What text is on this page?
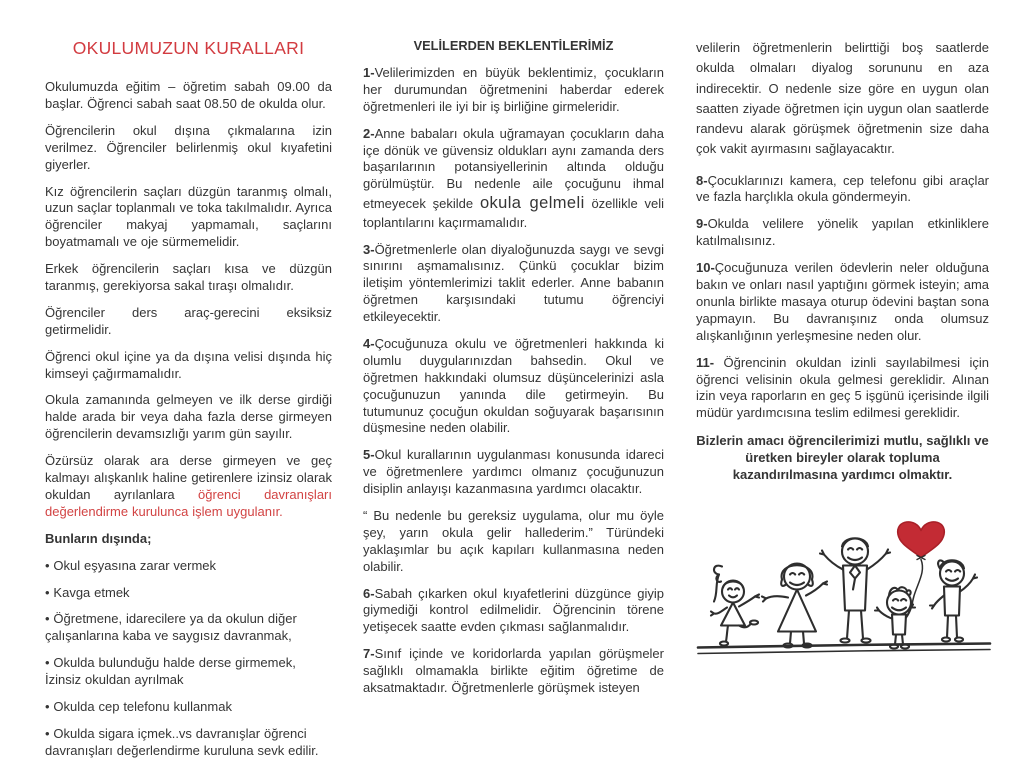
OKULUMUZUN KURALLARI

Okulumuzda eğitim – öğretim sabah 09.00 da başlar. Öğrenci sabah saat 08.50 de okulda olur.

Öğrencilerin okul dışına çıkmalarına izin verilmez. Öğrenciler belirlenmiş okul kıyafetini giyerler.

Kız öğrencilerin saçları düzgün taranmış olmalı, uzun saçlar toplanmalı ve toka takılmalıdır. Ayrıca öğrenciler makyaj yapmamalı, saçlarını boyatmamalı ve oje sürmemelidir.

Erkek öğrencilerin saçları kısa ve düzgün taranmış, gerekiyorsa sakal tıraşı olmalıdır.

Öğrenciler ders araç-gerecini eksiksiz getirmelidir.

Öğrenci okul içine ya da dışına velisi dışında hiç kimseyi çağırmamalıdır.

Okula zamanında gelmeyen ve ilk derse girdiği halde arada bir veya daha fazla derse girmeyen öğrencilerin devamsızlığı yarım gün sayılır.

Özürsüz olarak ara derse girmeyen ve geç kalmayı alışkanlık haline getirenlere izinsiz olarak okuldan ayrılanlara öğrenci davranışları değerlendirme kurulunca işlem uygulanır.

Bunların dışında;

• Okul eşyasına zarar vermek

• Kavga etmek

• Öğretmene, idarecilere ya da okulun diğer çalışanlarına kaba ve saygısız davranmak,

• Okulda bulunduğu halde derse girmemek, İzinsiz okuldan ayrılmak

• Okulda cep telefonu kullanmak

• Okulda sigara içmek..vs davranışlar öğrenci davranışları değerlendirme kuruluna sevk edilir.

VELİLERDEN BEKLENTİLERİMİZ

1-Velilerimizden en büyük beklentimiz, çocukların her durumundan öğretmenini haberdar ederek öğretmenleri ile iyi bir iş birliğine girmeleridir.

2-Anne babaları okula uğramayan çocukların daha içe dönük ve güvensiz oldukları aynı zamanda ders başarılarının potansiyellerinin altında olduğu görülmüştür. Bu nedenle aile çocuğunu ihmal etmeyecek şekilde okula gelmeli özellikle veli toplantılarını kaçırmamalıdır.

3-Öğretmenlerle olan diyaloğunuzda saygı ve sevgi sınırını aşmamalısınız. Çünkü çocuklar bizim iletişim yöntemlerimizi taklit ederler. Anne babanın öğretmen karşısındaki tutumu öğrenciyi etkileyecektir.

4-Çocuğunuza okulu ve öğretmenleri hakkında ki olumlu duygularınızdan bahsedin. Okul ve öğretmen hakkındaki olumsuz düşüncelerinizi asla çocuğunuzun yanında dile getirmeyin. Bu tutumunuz çocuğun okuldan soğuyarak başarısının düşmesine neden olabilir.

5-Okul kurallarının uygulanması konusunda idareci ve öğretmenlere yardımcı olmanız çocuğunuzun disiplin anlayışı kazanmasına yardımcı olacaktır.

“ Bu nedenle bu gereksiz uygulama, olur mu öyle şey, yarın okula gelir hallederim.” Türündeki yaklaşımlar bu açık kapıları kullanmasına neden olabilir.

6-Sabah çıkarken okul kıyafetlerini düzgünce giyip giymediği kontrol edilmelidir. Öğrencinin törene yetişecek saatte evden çıkması sağlanmalıdır.

7-Sınıf içinde ve koridorlarda yapılan görüşmeler sağlıklı olmamakla birlikte eğitim öğretime de aksatmaktadır. Öğretmenlerle görüşmek isteyen

velilerin öğretmenlerin belirttiği boş saatlerde okulda olmaları diyalog sorununu en aza indirecektir. O nedenle size göre en uygun olan saatten ziyade öğretmen için uygun olan saatlerde randevu alarak görüşmek öğretmenin size daha çok vakit ayırmasını sağlayacaktır.

8-Çocuklarınızı kamera, cep telefonu gibi araçlar ve fazla harçlıkla okula göndermeyin.

9-Okulda velilere yönelik yapılan etkinliklere katılmalısınız.

10-Çocuğunuza verilen ödevlerin neler olduğuna bakın ve onları nasıl yaptığını görmek isteyin; ama onunla birlikte masaya oturup ödevini baştan sona yapmayın. Bu davranışınız onda olumsuz alışkanlığının yerleşmesine neden olur.

11- Öğrencinin okuldan izinli sayılabilmesi için öğrenci velisinin okula gelmesi gereklidir. Alınan izin veya raporların en geç 5 işgünü içerisinde ilgili müdür yardımcısına teslim edilmesi gereklidir.

Bizlerin amacı öğrencilerimizi mutlu, sağlıklı ve üretken bireyler olarak topluma kazandırılmasına yardımcı olmaktır.
